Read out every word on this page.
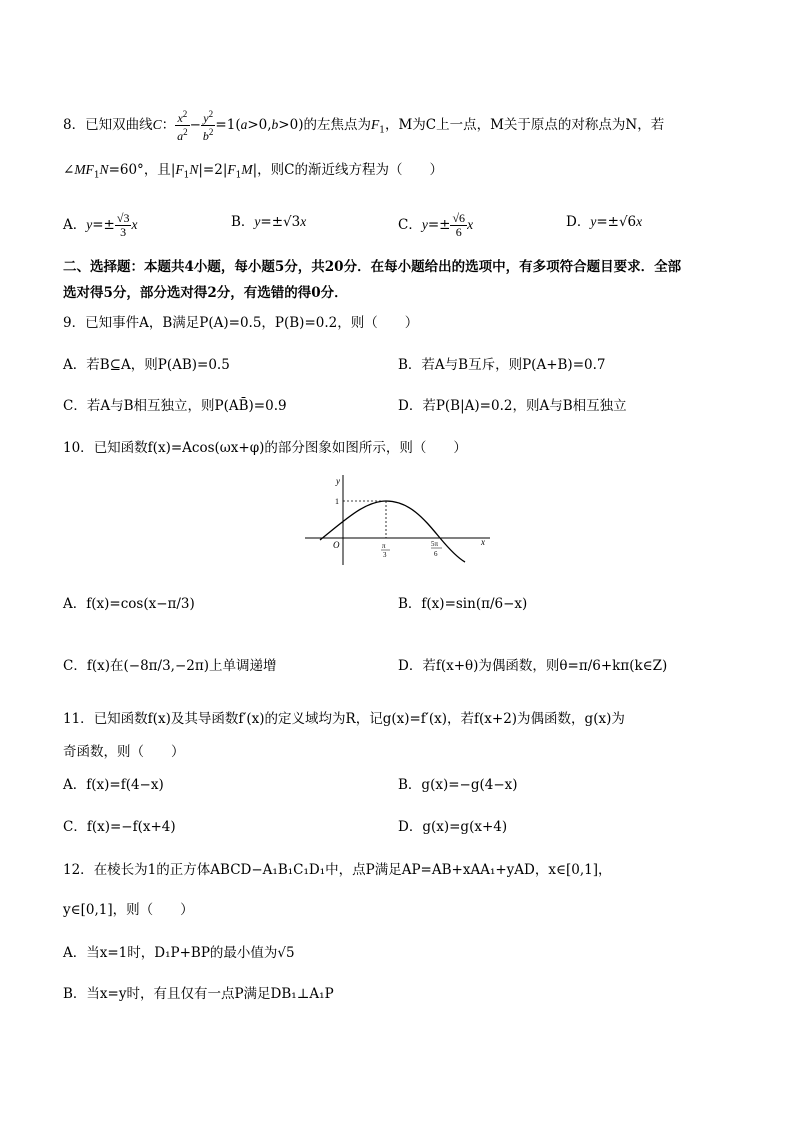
8．已知双曲线C： $\frac{x^2}{a^2} - \frac{y^2}{b^2} =1(a>0,b>0)$的左焦点为$F_1$，M为C上一点，M关于原点的对称点为N，若
$\angle MF_1N=60^\circ$，且$|F_1N|=2|F_1M|$，则C的渐近线方程为（　　）
A．$y=\pm \frac{√3}{3}$ x	B．y=±√3x	C．$y=\pm \frac{√6}{6}$ x	D．y=±√6x
二、选择题：本题共4小题，每小题5分，共20分．在每小题给出的选项中，有多项符合题目要求．全部
选对得5分，部分选对得2分，有选错的得0分．
9．已知事件A，B满足P(A)=0.5，P(B)=0.2，则（　　）
A．若B⊆A，则P(AB)=0.5	B．若A与B互斥，则P(A+B)=0.7
C．若A与B相互独立，则P(AB̄)=0.9	D．若P(B|A)=0.2，则A与B相互独立
10．已知函数f(x)=Acos(ωx+φ)的部分图象如图所示，则（　　）
y
x
O
1
π
3
5π
6
A．f(x)=cos(x−π/3)	B．f(x)=sin(π/6−x)
C．f(x)在(−8π/3,−2π)上单调递增	D．若f(x+θ)为偶函数，则θ=π/6+kπ(k∈Z)
11．已知函数f(x)及其导函数f′(x)的定义域均为R，记g(x)=f′(x)，若f(x+2)为偶函数，g(x)为
奇函数，则（　　）
A．f(x)=f(4−x)	B．g(x)=−g(4−x)
C．f(x)=−f(x+4)	D．g(x)=g(x+4)
12．在棱长为1的正方体ABCD−A₁B₁C₁D₁中，点P满足AP=AB+xAA₁+yAD，x∈[0,1]，
y∈[0,1]，则（　　）
A．当x=1时，D₁P+BP的最小值为√5
B．当x=y时，有且仅有一点P满足DB₁⊥A₁P
